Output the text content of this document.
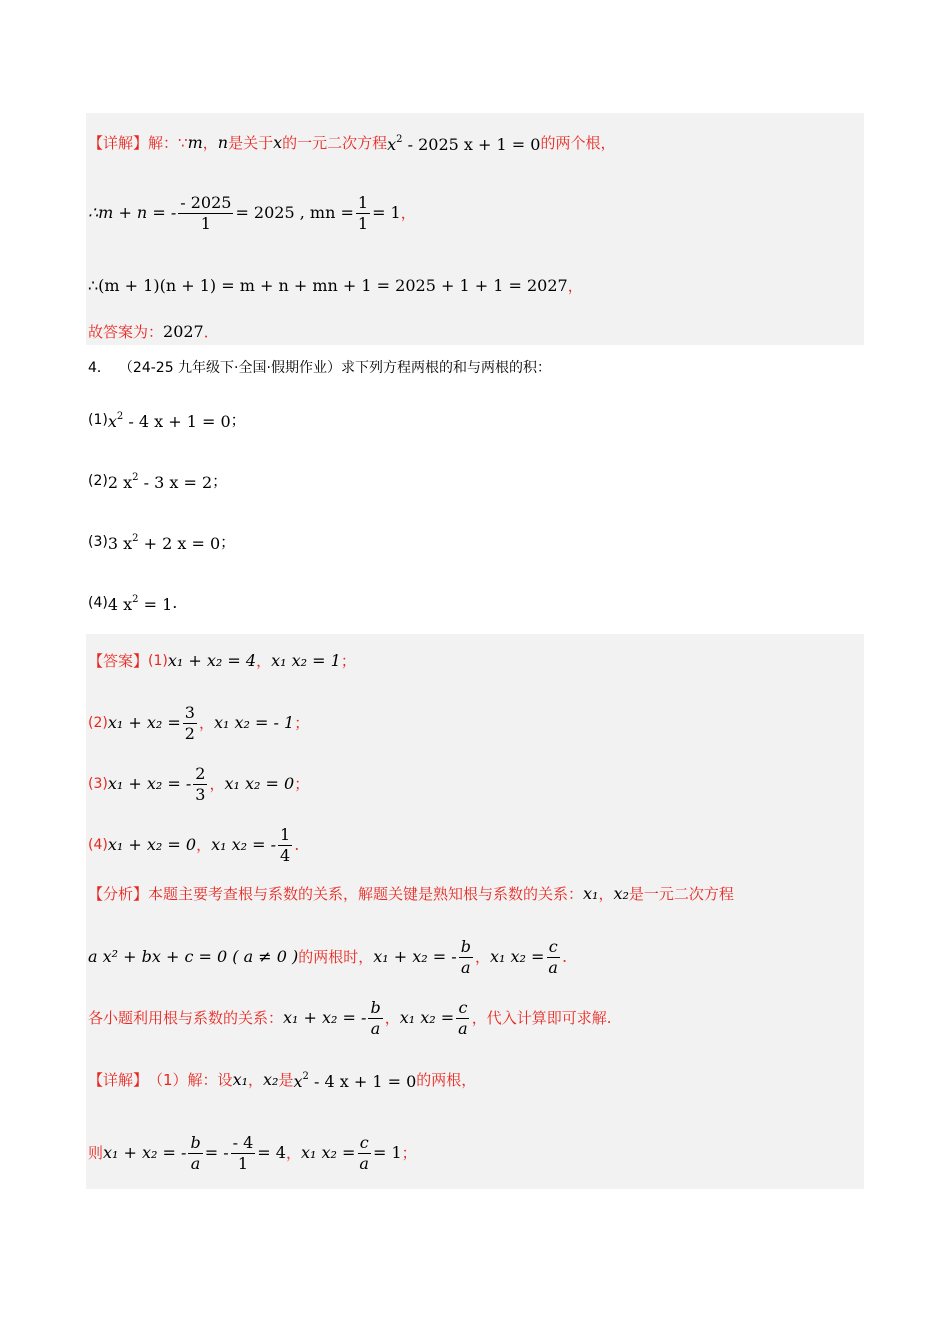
【详解】 解：∵ m ， n 是关于 x 的一元二次方程 $x^2 - 2025$ x + 1 = 0 的两个根，
∴m + n = - $\frac{- 2025}{1} = 2025$ , mn = $\frac{1}{1} = 1$ ，
∴(m + 1)(n + 1) = m + n + mn + 1 = 2025 + 1 + 1 = 2027 ，
故答案为： 2027 ．
4． （24-25 九年级下·全国·假期作业）求下列方程两根的和与两根的积：
(1) $x^2 - 4$ x + 1 = 0 ；
(2) 2 $x^2 - 3$ x = 2 ；
(3) 3 $x^2 + 2$ x = 0 ；
(4) 4 $x^2 = 1$ .
【答案】 (1) x₁ + x₂ = 4 ， x₁ x₂ = 1 ；
(2) $x_1 + x_2 = \frac{3}{2}$ ， x₁ x₂ = - 1 ；
(3) x₁ + x₂ = - $\frac{2}{3}$ ， x₁ x₂ = 0 ；
(4) x₁ + x₂ = 0 ， x₁ x₂ = - $\frac{1}{4}$ .
【分析】 本题主要考查根与系数的关系，解题关键是熟知根与系数的关系： x₁ ， x₂ 是一元二次方程
a x² + bx + c = 0 ( a ≠ 0 ) 的两根时， x₁ + x₂ = - $\frac{b}{a}$ ， x₁ $x_2 = \frac{c}{a}$ .
各小题利用根与系数的关系： x₁ + x₂ = - $\frac{b}{a}$ ， x₁ $x_2 = \frac{c}{a}$ ，代入计算即可求解.
【详解】 （1）解：设 x₁ ， x₂ 是 $x^2 - 4$ x + 1 = 0 的两根，
则 x₁ + x₂ = - $\frac{b}{a}$ = - $\frac{- 4}{1} = 4$ ， x₁ $x_2 = \frac{c}{a} = 1$ ；
